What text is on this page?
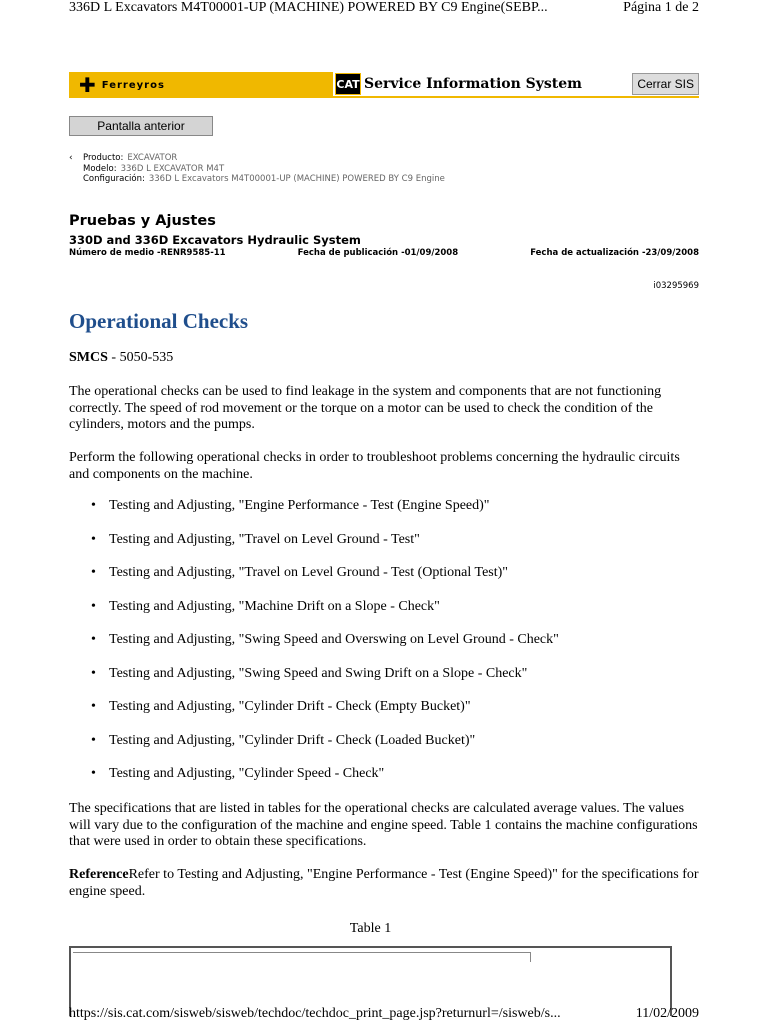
336D L Excavators M4T00001-UP (MACHINE) POWERED BY C9 Engine(SEBP...	Página 1 de 2
✚ Ferreyros	CAT Service Information System	Cerrar SIS
Pantalla anterior
‹	Producto: EXCAVATOR
Modelo: 336D L EXCAVATOR M4T
Configuración: 336D L Excavators M4T00001-UP (MACHINE) POWERED BY C9 Engine
Pruebas y Ajustes
330D and 336D Excavators Hydraulic System
Número de medio -RENR9585-11	Fecha de publicación -01/09/2008	Fecha de actualización -23/09/2008
i03295969
Operational Checks
SMCS - 5050-535
The operational checks can be used to find leakage in the system and components that are not functioning correctly. The speed of rod movement or the torque on a motor can be used to check the condition of the cylinders, motors and the pumps.
Perform the following operational checks in order to troubleshoot problems concerning the hydraulic circuits and components on the machine.
• Testing and Adjusting, "Engine Performance - Test (Engine Speed)"
• Testing and Adjusting, "Travel on Level Ground - Test"
• Testing and Adjusting, "Travel on Level Ground - Test (Optional Test)"
• Testing and Adjusting, "Machine Drift on a Slope - Check"
• Testing and Adjusting, "Swing Speed and Overswing on Level Ground - Check"
• Testing and Adjusting, "Swing Speed and Swing Drift on a Slope - Check"
• Testing and Adjusting, "Cylinder Drift - Check (Empty Bucket)"
• Testing and Adjusting, "Cylinder Drift - Check (Loaded Bucket)"
• Testing and Adjusting, "Cylinder Speed - Check"
The specifications that are listed in tables for the operational checks are calculated average values. The values will vary due to the configuration of the machine and engine speed. Table 1 contains the machine configurations that were used in order to obtain these specifications.
ReferenceRefer to Testing and Adjusting, "Engine Performance - Test (Engine Speed)" for the specifications for engine speed.
Table 1
https://sis.cat.com/sisweb/sisweb/techdoc/techdoc_print_page.jsp?returnurl=/sisweb/s...	11/02/2009
